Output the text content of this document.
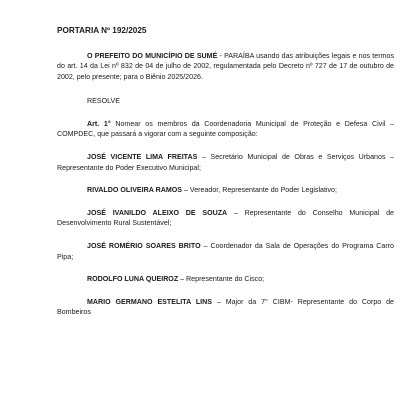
PORTARIA Nº 192/2025

O PREFEITO DO MUNICÍPIO DE SUMÉ - PARAÍBA usando das atribuições legais e nos termos do art. 14 da Lei nº 832 de 04 de julho de 2002, regulamentada pelo Decreto nº 727 de 17 de outubro de 2002, pelo presente; para o Biênio 2025/2026.

RESOLVE

Art. 1° Nomear os membros da Coordenadoria Municipal de Proteção e Defesa Civil – COMPDEC, que passará a vigorar com a seguinte composição:

JOSÉ VICENTE LIMA FREITAS – Secretário Municipal de Obras e Serviços Urbanos – Representante do Poder Executivo Municipal;

RIVALDO OLIVEIRA RAMOS – Vereador, Representante do Poder Legislativo;

JOSÉ IVANILDO ALEIXO DE SOUZA – Representante do Conselho Municipal de Desenvolvimento Rural Sustentável;

JOSÉ ROMÉRIO SOARES BRITO – Coordenador da Sala de Operações do Programa Carro Pipa;

RODOLFO LUNA QUEIROZ – Representante do Cisco;

MARIO GERMANO ESTELITA LINS – Major da 7° CIBM- Representante do Corpo de Bombeiros
